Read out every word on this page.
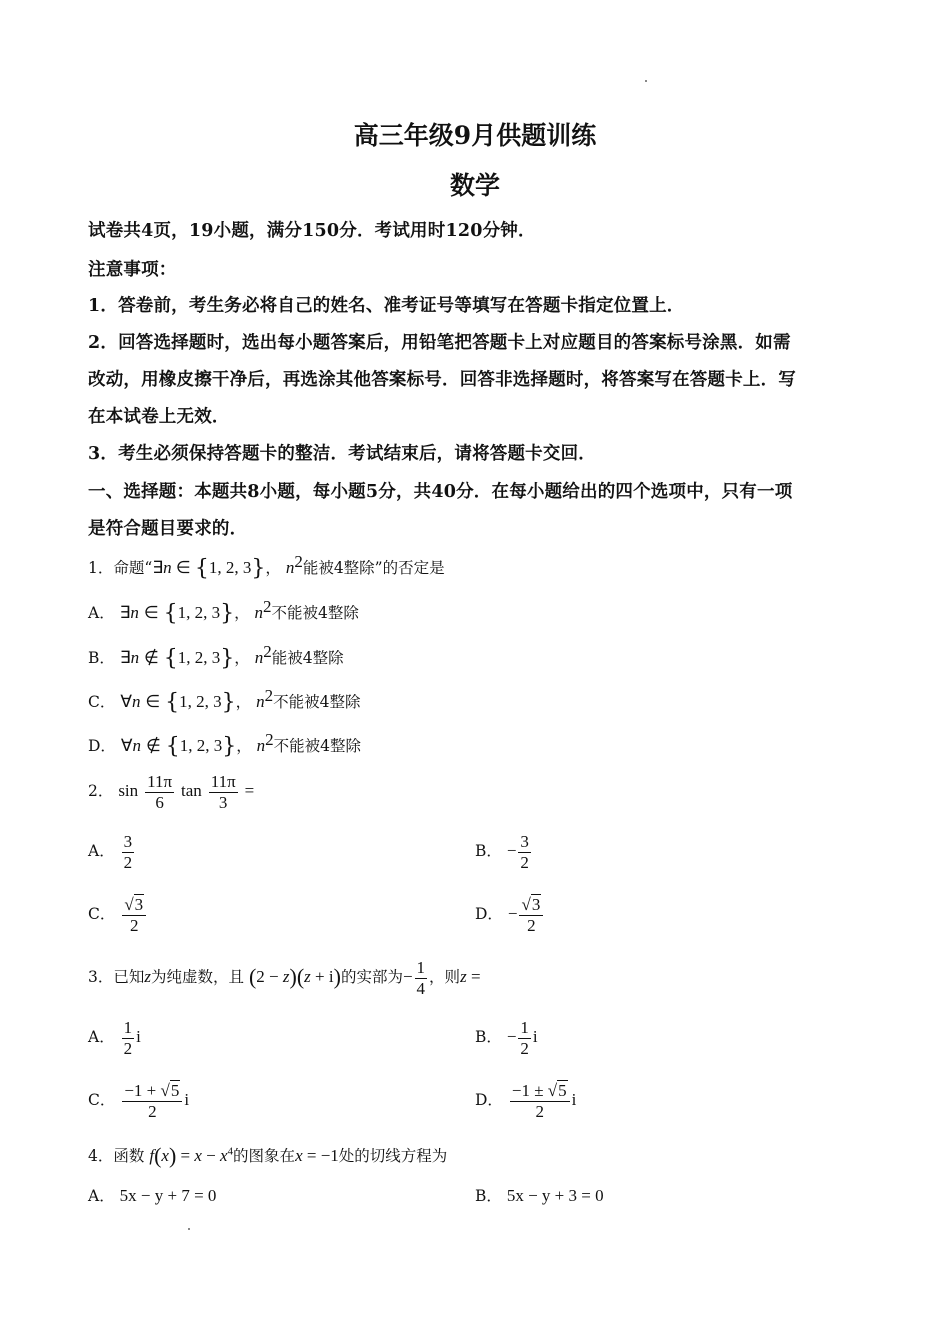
高三年级9月供题训练
数学
试卷共4页，19小题，满分150分．考试用时120分钟．
注意事项：
1．答卷前，考生务必将自己的姓名、准考证号等填写在答题卡指定位置上．
2．回答选择题时，选出每小题答案后，用铅笔把答题卡上对应题目的答案标号涂黑．如需
改动，用橡皮擦干净后，再选涂其他答案标号．回答非选择题时，将答案写在答题卡上．写
在本试卷上无效．
3．考生必须保持答题卡的整洁．考试结束后，请将答题卡交回．
一、选择题：本题共8小题，每小题5分，共40分．在每小题给出的四个选项中，只有一项
是符合题目要求的．
1．命题“∃n ∈ {1, 2, 3}， $n^2$能被4整除”的否定是
A． ∃n ∈ {1, 2, 3}， $n^2$不能被4整除
B． ∃n ∉ {1, 2, 3}， $n^2$能被4整除
C． ∀n ∈ {1, 2, 3}， $n^2$不能被4整除
D． ∀n ∉ {1, 2, 3}， $n^2$不能被4整除
2． $\sin \frac{11\pi}{6}$ $\tan \frac{11\pi}{3}$ =
A． $\frac{3}{2}$	B． − $\frac{3}{2}$
C． $\frac{√3}{2}$	D． − $\frac{√3}{2}$
3．已知z为纯虚数，且 (2 − z)(z + i)的实部为− $\frac{1}{4}$ ，则z =
A． $\frac{1}{2}$ i	B． − $\frac{1}{2}$ i
C． $\frac{-1 + √5}{2}$ i	D． $\frac{-1 \pm √5}{2}$ i
4．函数 $f(x) = x - x^4$的图象在x = −1处的切线方程为
A． 5x − y + 7 = 0	B． 5x − y + 3 = 0
